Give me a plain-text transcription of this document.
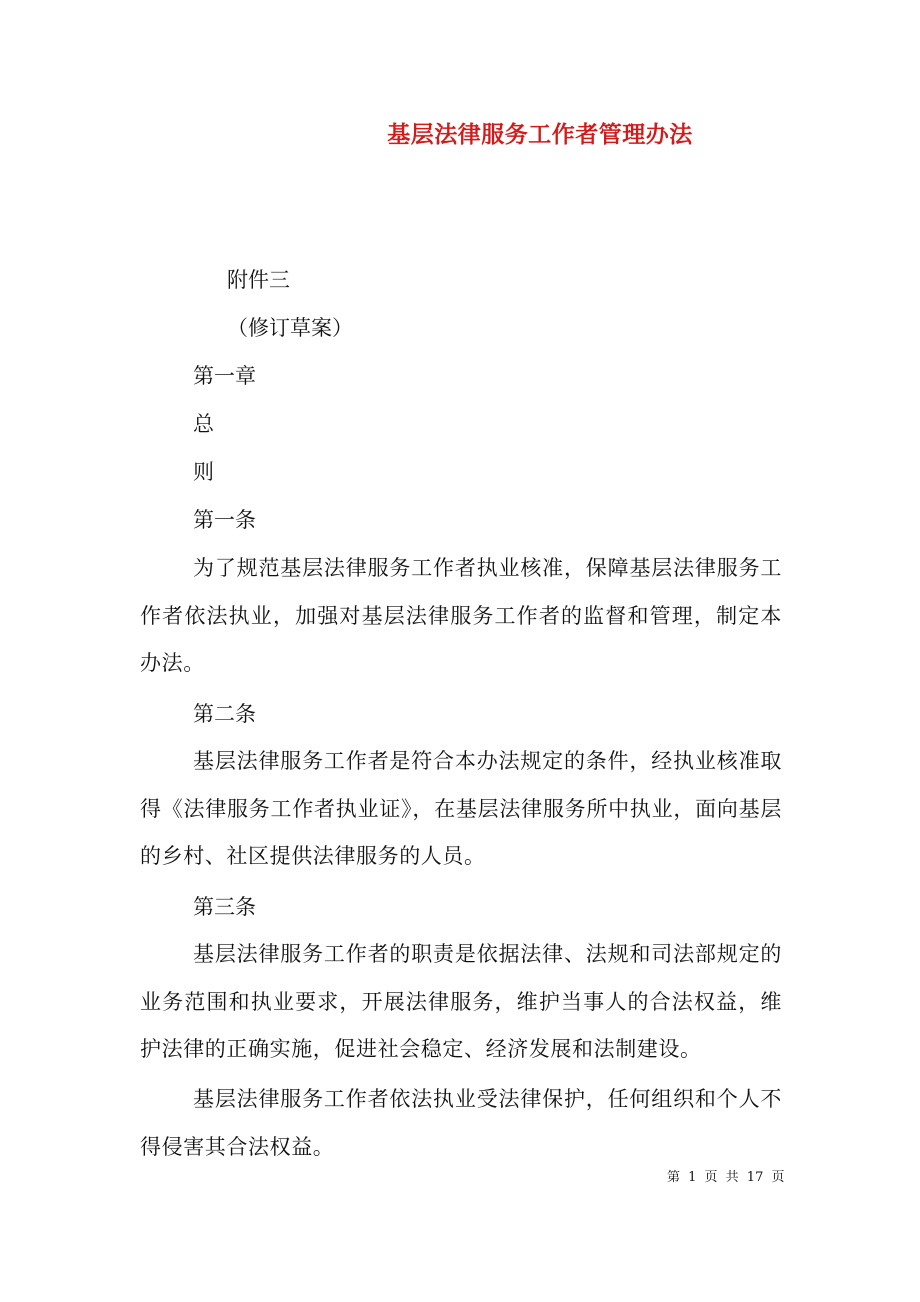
基层法律服务工作者管理办法
附件三
（修订草案）
第一章
总
则
第一条
为了规范基层法律服务工作者执业核准，保障基层法律服务工作者依法执业，加强对基层法律服务工作者的监督和管理，制定本办法。
第二条
基层法律服务工作者是符合本办法规定的条件，经执业核准取得《法律服务工作者执业证》，在基层法律服务所中执业，面向基层的乡村、社区提供法律服务的人员。
第三条
基层法律服务工作者的职责是依据法律、法规和司法部规定的业务范围和执业要求，开展法律服务，维护当事人的合法权益，维护法律的正确实施，促进社会稳定、经济发展和法制建设。
基层法律服务工作者依法执业受法律保护，任何组织和个人不得侵害其合法权益。
第 1 页 共 17 页
